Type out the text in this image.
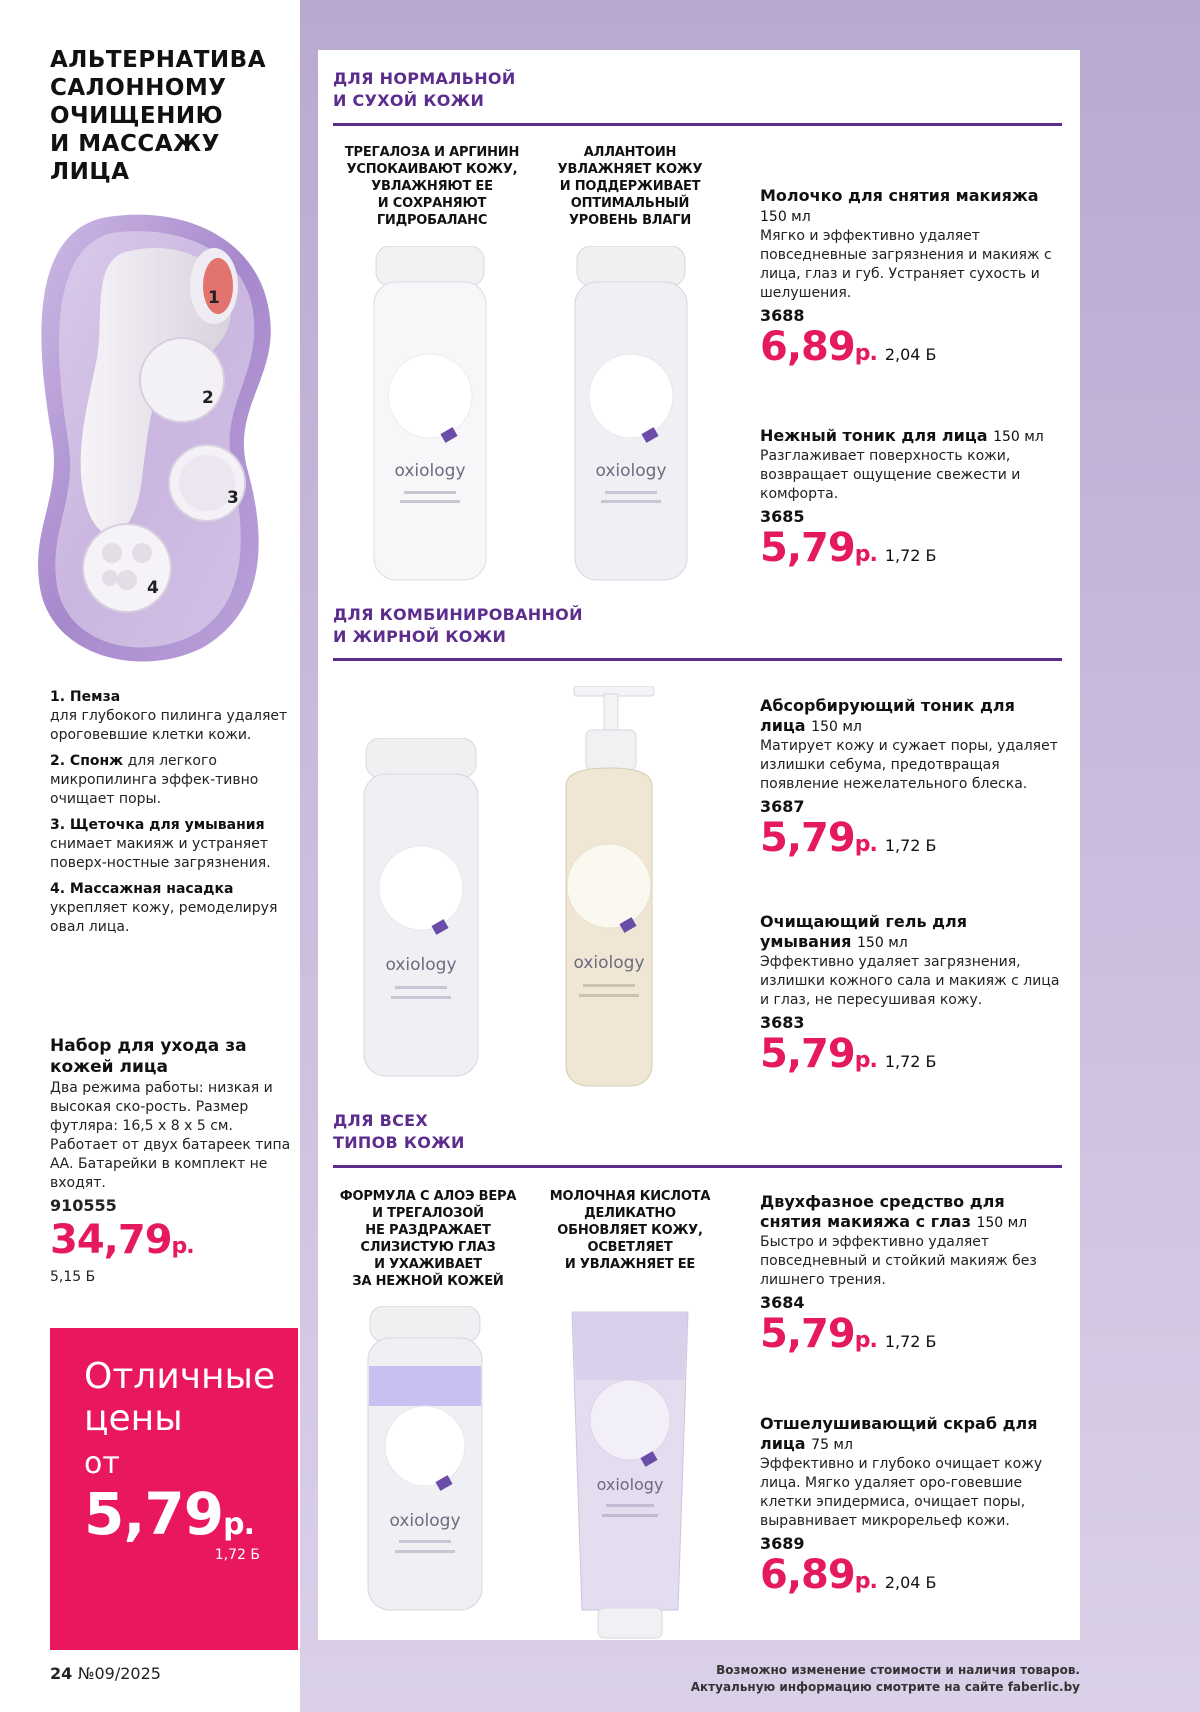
АЛЬТЕРНАТИВА
САЛОННОМУ
ОЧИЩЕНИЮ
И МАССАЖУ ЛИЦА
1
2
3
4

1. Пемза
для глубокого пилинга удаляет ороговевшие клетки кожи.

2. Спонж для легкого микропилинга эффек-тивно очищает поры.

3. Щеточка для умывания снимает макияж и устраняет поверх-ностные загрязнения.

4. Массажная насадка укрепляет кожу, ремоделируя овал лица.

Набор для ухода за кожей лица
Два режима работы: низкая и высокая ско-рость. Размер футляра: 16,5 х 8 х 5 см. Работает от двух батареек типа АА. Батарейки в комплект не входят.
910555
34,79р.
5,15 Б
Отличные
цены
от
5,79р.
1,72 Б
24 №09/2025
ДЛЯ НОРМАЛЬНОЙ
И СУХОЙ КОЖИ
ТРЕГАЛОЗА И АРГИНИН
УСПОКАИВАЮТ КОЖУ,
УВЛАЖНЯЮТ ЕЕ
И СОХРАНЯЮТ
ГИДРОБАЛАНС
АЛЛАНТОИН
УВЛАЖНЯЕТ КОЖУ
И ПОДДЕРЖИВАЕТ
ОПТИМАЛЬНЫЙ
УРОВЕНЬ ВЛАГИ
oxiology	oxiology
ДЛЯ КОМБИНИРОВАННОЙ
И ЖИРНОЙ КОЖИ
oxiology	oxiology
ДЛЯ ВСЕХ
ТИПОВ КОЖИ
ФОРМУЛА С АЛОЭ ВЕРА
И ТРЕГАЛОЗОЙ
НЕ РАЗДРАЖАЕТ
СЛИЗИСТУЮ ГЛАЗ
И УХАЖИВАЕТ
ЗА НЕЖНОЙ КОЖЕЙ
МОЛОЧНАЯ КИСЛОТА
ДЕЛИКАТНО
ОБНОВЛЯЕТ КОЖУ,
ОСВЕТЛЯЕТ
И УВЛАЖНЯЕТ ЕЕ
oxiology
oxiology
Молочко для снятия макияжа 150 мл
Мягко и эффективно удаляет повседневные загрязнения и макияж с лица, глаз и губ. Устраняет сухость и шелушения.
3688
6,89р. 2,04 Б
Нежный тоник для лица 150 мл
Разглаживает поверхность кожи, возвращает ощущение свежести и комфорта.
3685
5,79р. 1,72 Б
Абсорбирующий тоник для лица 150 мл
Матирует кожу и сужает поры, удаляет излишки себума, предотвращая появление нежелательного блеска.
3687
5,79р. 1,72 Б
Очищающий гель для умывания 150 мл
Эффективно удаляет загрязнения, излишки кожного сала и макияж с лица и глаз, не пересушивая кожу.
3683
5,79р. 1,72 Б
Двухфазное средство для снятия макияжа с глаз 150 мл
Быстро и эффективно удаляет повседневный и стойкий макияж без лишнего трения.
3684
5,79р. 1,72 Б
Отшелушивающий скраб для лица 75 мл
Эффективно и глубоко очищает кожу лица. Мягко удаляет оро-говевшие клетки эпидермиса, очищает поры, выравнивает микрорельеф кожи.
3689
6,89р. 2,04 Б
Возможно изменение стоимости и наличия товаров.
Актуальную информацию смотрите на сайте faberlic.by
